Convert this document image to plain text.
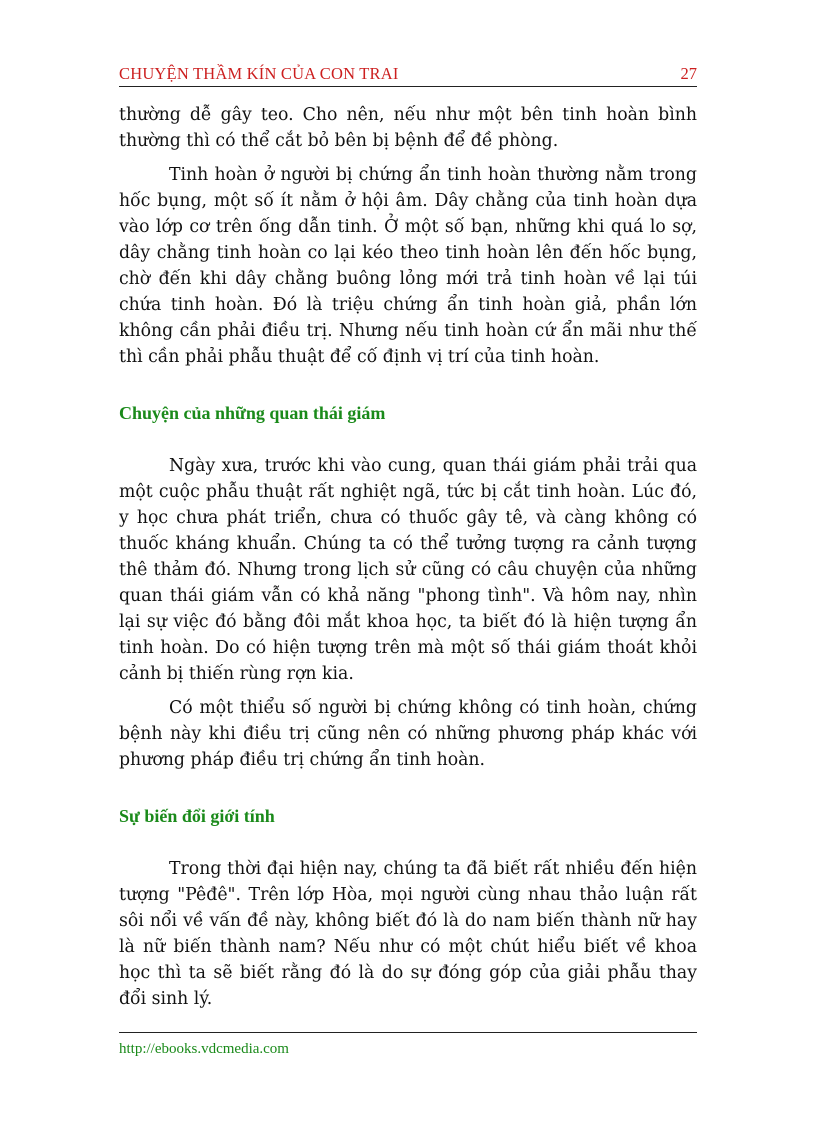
CHUYỆN THẦM KÍN CỦA CON TRAI	27

thường dễ gây teo. Cho nên, nếu như một bên tinh hoàn bình thường thì có thể cắt bỏ bên bị bệnh để đề phòng.

Tinh hoàn ở người bị chứng ẩn tinh hoàn thường nằm trong hốc bụng, một số ít nằm ở hội âm. Dây chằng của tinh hoàn dựa vào lớp cơ trên ống dẫn tinh. Ở một số bạn, những khi quá lo sợ, dây chằng tinh hoàn co lại kéo theo tinh hoàn lên đến hốc bụng, chờ đến khi dây chằng buông lỏng mới trả tinh hoàn về lại túi chứa tinh hoàn. Đó là triệu chứng ẩn tinh hoàn giả, phần lớn không cần phải điều trị. Nhưng nếu tinh hoàn cứ ẩn mãi như thế thì cần phải phẫu thuật để cố định vị trí của tinh hoàn.

Chuyện của những quan thái giám

Ngày xưa, trước khi vào cung, quan thái giám phải trải qua một cuộc phẫu thuật rất nghiệt ngã, tức bị cắt tinh hoàn. Lúc đó, y học chưa phát triển, chưa có thuốc gây tê, và càng không có thuốc kháng khuẩn. Chúng ta có thể tưởng tượng ra cảnh tượng thê thảm đó. Nhưng trong lịch sử cũng có câu chuyện của những quan thái giám vẫn có khả năng "phong tình". Và hôm nay, nhìn lại sự việc đó bằng đôi mắt khoa học, ta biết đó là hiện tượng ẩn tinh hoàn. Do có hiện tượng trên mà một số thái giám thoát khỏi cảnh bị thiến rùng rợn kia.

Có một thiểu số người bị chứng không có tinh hoàn, chứng bệnh này khi điều trị cũng nên có những phương pháp khác với phương pháp điều trị chứng ẩn tinh hoàn.

Sự biến đổi giới tính

Trong thời đại hiện nay, chúng ta đã biết rất nhiều đến hiện tượng "Pêđê". Trên lớp Hòa, mọi người cùng nhau thảo luận rất sôi nổi về vấn đề này, không biết đó là do nam biến thành nữ hay là nữ biến thành nam? Nếu như có một chút hiểu biết về khoa học thì ta sẽ biết rằng đó là do sự đóng góp của giải phẫu thay đổi sinh lý.

http://ebooks.vdcmedia.com
